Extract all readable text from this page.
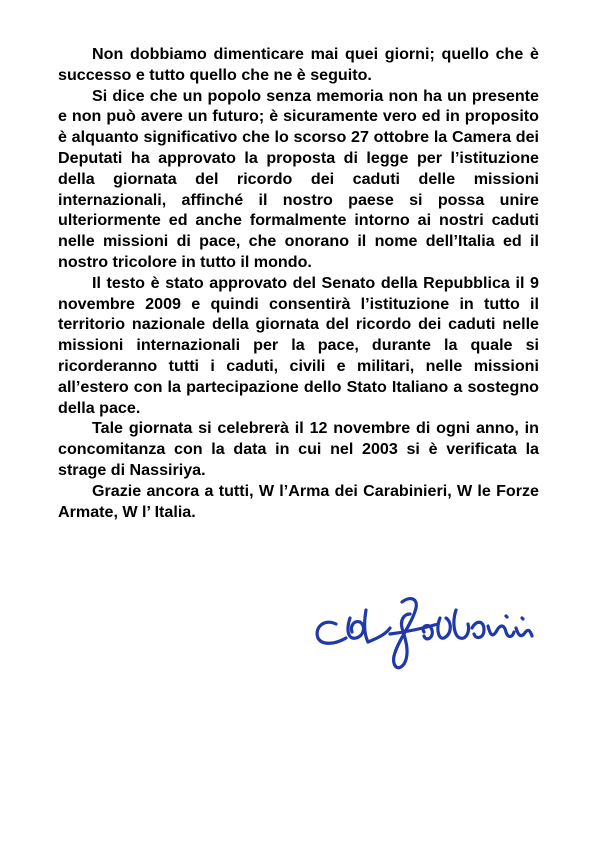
Non dobbiamo dimenticare mai quei giorni; quello che è successo e tutto quello che ne è seguito.

Si dice che un popolo senza memoria non ha un presente e non può avere un futuro; è sicuramente vero ed in proposito è alquanto significativo che lo scorso 27 ottobre la Camera dei Deputati ha approvato la proposta di legge per l’istituzione della giornata del ricordo dei caduti delle missioni internazionali, affinché il nostro paese si possa unire ulteriormente ed anche formalmente intorno ai nostri caduti nelle missioni di pace, che onorano il nome dell’Italia ed il nostro tricolore in tutto il mondo.

Il testo è stato approvato del Senato della Repubblica il 9 novembre 2009 e quindi consentirà l’istituzione in tutto il territorio nazionale della giornata del ricordo dei caduti nelle missioni internazionali per la pace, durante la quale si ricorderanno tutti i caduti, civili e militari, nelle missioni all’estero con la partecipazione dello Stato Italiano a sostegno della pace.

Tale giornata si celebrerà il 12 novembre di ogni anno, in concomitanza con la data in cui nel 2003 si è verificata la strage di Nassiriya.

Grazie ancora a tutti, W l’Arma dei Carabinieri, W le Forze Armate, W l’ Italia.
